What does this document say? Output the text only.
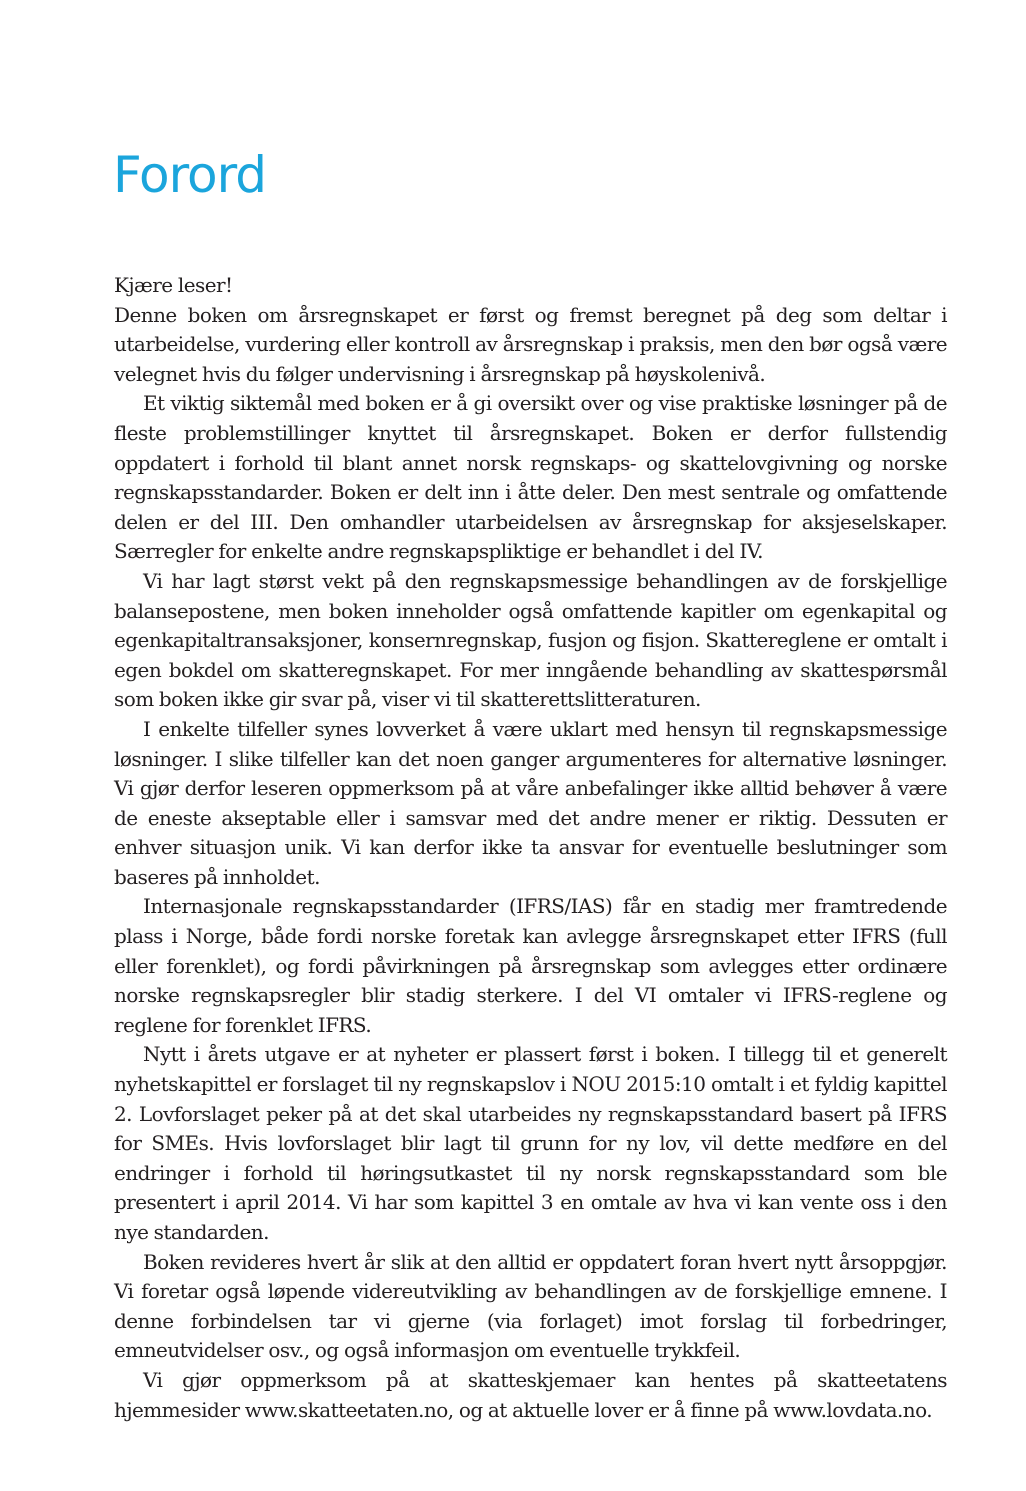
Forord

Kjære leser!

Denne boken om årsregnskapet er først og fremst beregnet på deg som deltar i utarbeidelse, vurdering eller kontroll av årsregnskap i praksis, men den bør også være velegnet hvis du følger undervisning i årsregnskap på høyskolenivå.

Et viktig siktemål med boken er å gi oversikt over og vise praktiske løsninger på de fleste problemstillinger knyttet til årsregnskapet. Boken er derfor fullstendig oppdatert i forhold til blant annet norsk regnskaps- og skattelovgivning og norske regnskapsstandarder. Boken er delt inn i åtte deler. Den mest sentrale og omfattende delen er del III. Den omhandler utarbeidelsen av årsregnskap for aksjeselskaper. Særregler for enkelte andre regnskapspliktige er behandlet i del IV.

Vi har lagt størst vekt på den regnskapsmessige behandlingen av de forskjellige balansepostene, men boken inneholder også omfattende kapitler om egenkapital og egenkapitaltransaksjoner, konsernregnskap, fusjon og fisjon. Skattereglene er omtalt i egen bokdel om skatteregnskapet. For mer inngående behandling av skattespørsmål som boken ikke gir svar på, viser vi til skatterettslitteraturen.

I enkelte tilfeller synes lovverket å være uklart med hensyn til regnskapsmessige løsninger. I slike tilfeller kan det noen ganger argumenteres for alternative løsninger. Vi gjør derfor leseren oppmerksom på at våre anbefalinger ikke alltid behøver å være de eneste akseptable eller i samsvar med det andre mener er riktig. Dessuten er enhver situasjon unik. Vi kan derfor ikke ta ansvar for eventuelle beslutninger som baseres på innholdet.

Internasjonale regnskapsstandarder (IFRS/IAS) får en stadig mer framtredende plass i Norge, både fordi norske foretak kan avlegge årsregnskapet etter IFRS (full eller forenklet), og fordi påvirkningen på årsregnskap som avlegges etter ordinære norske regnskapsregler blir stadig sterkere. I del VI omtaler vi IFRS-reglene og reglene for forenklet IFRS.

Nytt i årets utgave er at nyheter er plassert først i boken. I tillegg til et generelt nyhetskapittel er forslaget til ny regnskapslov i NOU 2015:10 omtalt i et fyldig kapittel 2. Lovforslaget peker på at det skal utarbeides ny regnskapsstandard basert på IFRS for SMEs. Hvis lovforslaget blir lagt til grunn for ny lov, vil dette medføre en del endringer i forhold til høringsutkastet til ny norsk regnskapsstandard som ble presentert i april 2014. Vi har som kapittel 3 en omtale av hva vi kan vente oss i den nye standarden.

Boken revideres hvert år slik at den alltid er oppdatert foran hvert nytt årsoppgjør. Vi foretar også løpende videreutvikling av behandlingen av de forskjellige emnene. I denne forbindelsen tar vi gjerne (via forlaget) imot forslag til forbedringer, emneutvidelser osv., og også informasjon om eventuelle trykkfeil.

Vi gjør oppmerksom på at skatteskjemaer kan hentes på skatteetatens hjemmesider www.skatteetaten.no, og at aktuelle lover er å finne på www.lovdata.no.
